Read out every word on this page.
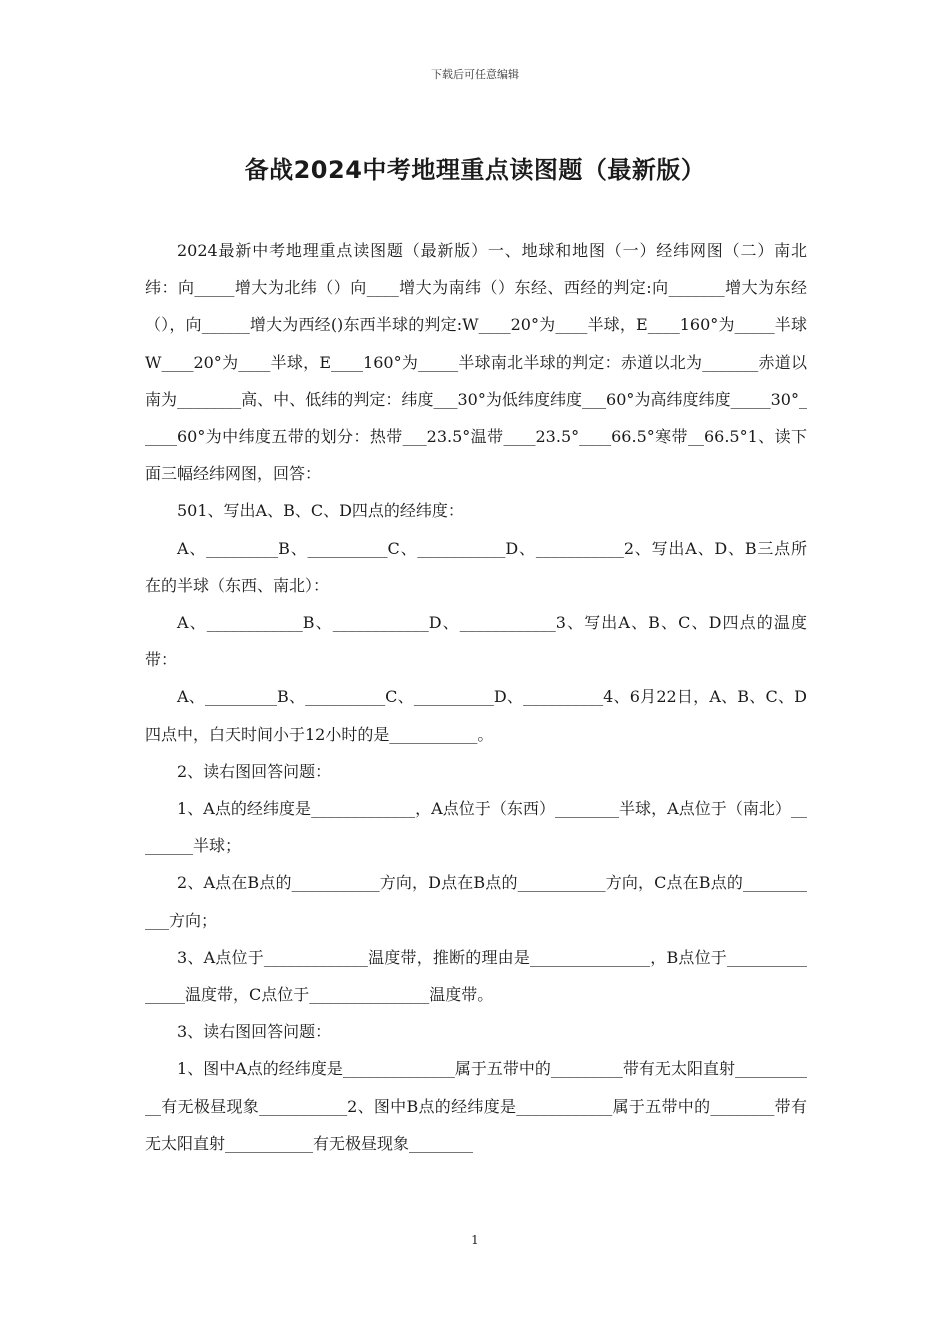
下载后可任意编辑
备战2024中考地理重点读图题（最新版）

2024最新中考地理重点读图题（最新版）一、地球和地图（一）经纬网图（二）南北纬：向_____增大为北纬（）向____增大为南纬（）东经、西经的判定:向_______增大为东经（），向______增大为西经()东西半球的判定:W____20°为____半球，E____160°为_____半球W____20°为____半球，E____160°为_____半球南北半球的判定：赤道以北为_______赤道以南为________高、中、低纬的判定：纬度___30°为低纬度纬度___60°为高纬度纬度_____30°_____60°为中纬度五带的划分：热带___23.5°温带____23.5°____66.5°寒带__66.5°1、读下面三幅经纬网图，回答：

501、写出A、B、C、D四点的经纬度：

A、_________B、__________C、___________D、___________2、写出A、D、B三点所在的半球（东西、南北）：

A、____________B、____________D、____________3、写出A、B、C、D四点的温度带：

A、_________B、__________C、__________D、__________4、6月22日，A、B、C、D四点中，白天时间小于12小时的是___________。

2、读右图回答问题：

1、A点的经纬度是_____________，A点位于（东西）________半球，A点位于（南北）________半球；

2、A点在B点的___________方向，D点在B点的___________方向，C点在B点的___________方向；

3、A点位于_____________温度带，推断的理由是_______________，B点位于_______________温度带，C点位于_______________温度带。

3、读右图回答问题：

1、图中A点的经纬度是______________属于五带中的_________带有无太阳直射___________有无极昼现象___________2、图中B点的经纬度是____________属于五带中的________带有无太阳直射___________有无极昼现象________

1
